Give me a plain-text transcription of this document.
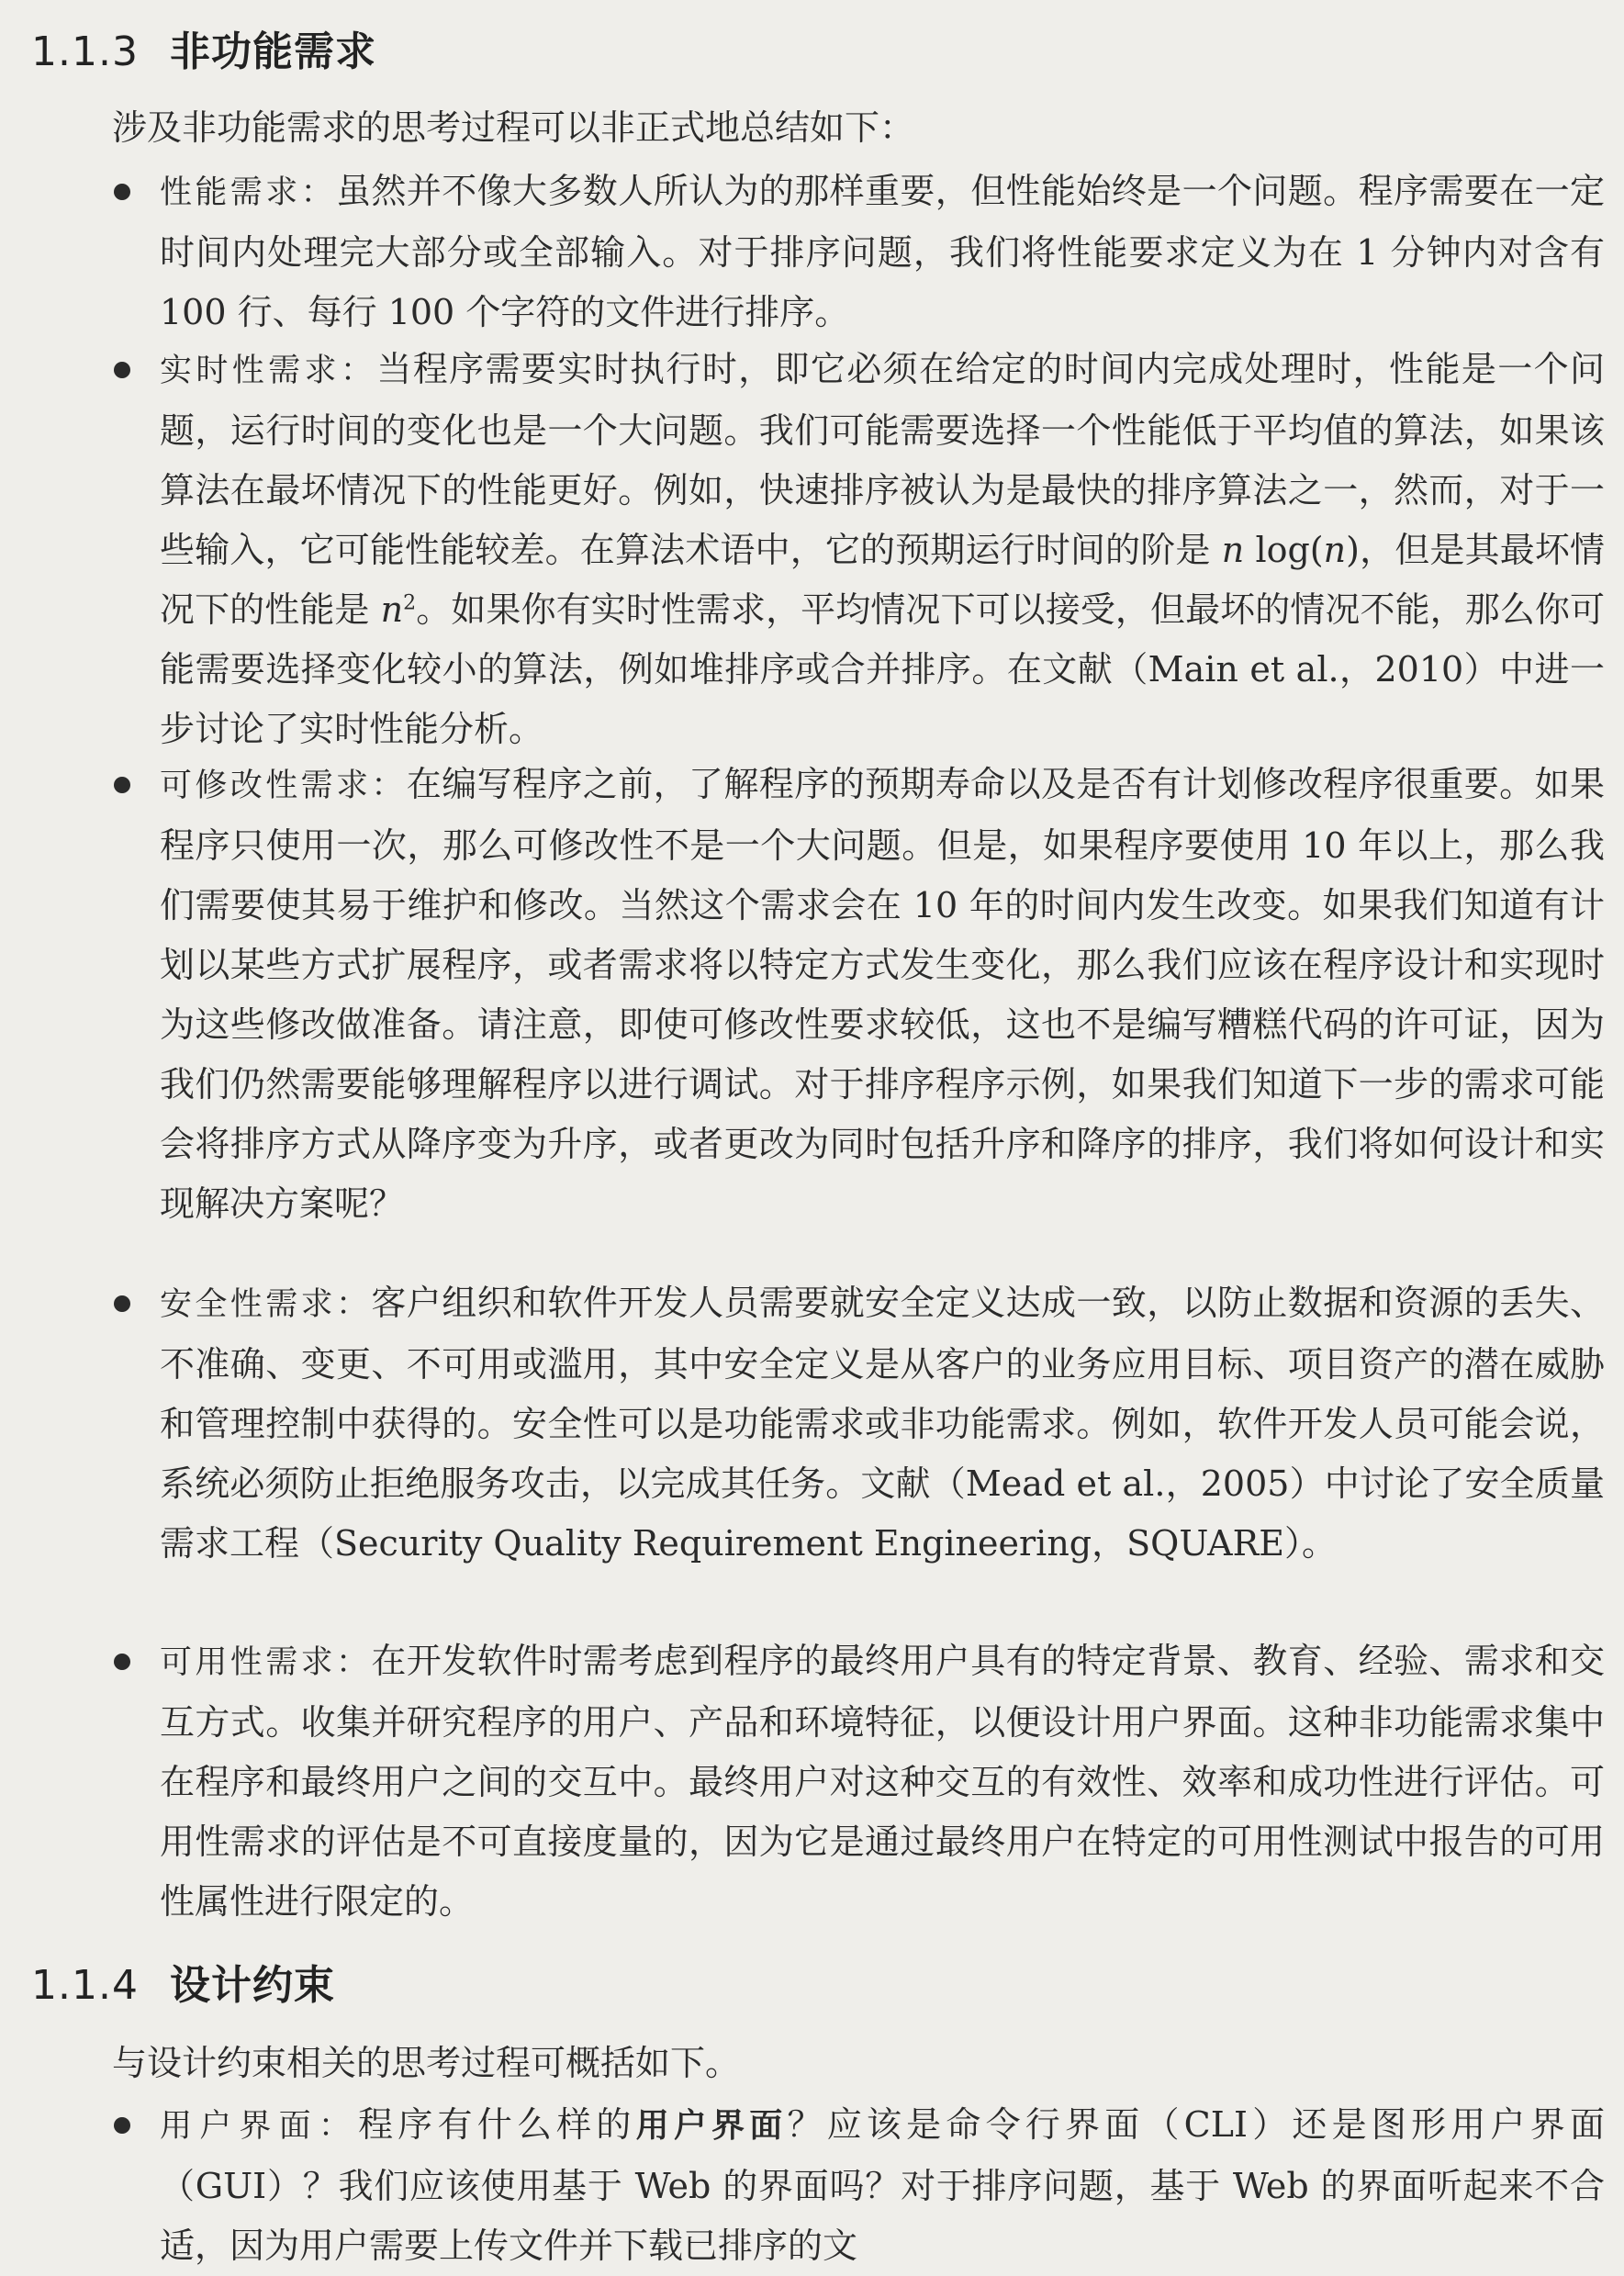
1.1.3 非功能需求
涉及非功能需求的思考过程可以非正式地总结如下：
性能需求：虽然并不像大多数人所认为的那样重要，但性能始终是一个问题。程序需要在一定时间内处理完大部分或全部输入。对于排序问题，我们将性能要求定义为在 1 分钟内对含有 100 行、每行 100 个字符的文件进行排序。
实时性需求：当程序需要实时执行时，即它必须在给定的时间内完成处理时，性能是一个问题，运行时间的变化也是一个大问题。我们可能需要选择一个性能低于平均值的算法，如果该算法在最坏情况下的性能更好。例如，快速排序被认为是最快的排序算法之一，然而，对于一些输入，它可能性能较差。在算法术语中，它的预期运行时间的阶是 n log(n)，但是其最坏情况下的性能是 $n^2$。如果你有实时性需求，平均情况下可以接受，但最坏的情况不能，那么你可能需要选择变化较小的算法，例如堆排序或合并排序。在文献（Main et al.，2010）中进一步讨论了实时性能分析。
可修改性需求：在编写程序之前，了解程序的预期寿命以及是否有计划修改程序很重要。如果程序只使用一次，那么可修改性不是一个大问题。但是，如果程序要使用 10 年以上，那么我们需要使其易于维护和修改。当然这个需求会在 10 年的时间内发生改变。如果我们知道有计划以某些方式扩展程序，或者需求将以特定方式发生变化，那么我们应该在程序设计和实现时为这些修改做准备。请注意，即使可修改性要求较低，这也不是编写糟糕代码的许可证，因为我们仍然需要能够理解程序以进行调试。对于排序程序示例，如果我们知道下一步的需求可能会将排序方式从降序变为升序，或者更改为同时包括升序和降序的排序，我们将如何设计和实现解决方案呢？
安全性需求：客户组织和软件开发人员需要就安全定义达成一致，以防止数据和资源的丢失、不准确、变更、不可用或滥用，其中安全定义是从客户的业务应用目标、项目资产的潜在威胁和管理控制中获得的。安全性可以是功能需求或非功能需求。例如，软件开发人员可能会说，系统必须防止拒绝服务攻击，以完成其任务。文献（Mead et al.，2005）中讨论了安全质量需求工程（Security Quality Requirement Engineering，SQUARE）。
可用性需求：在开发软件时需考虑到程序的最终用户具有的特定背景、教育、经验、需求和交互方式。收集并研究程序的用户、产品和环境特征，以便设计用户界面。这种非功能需求集中在程序和最终用户之间的交互中。最终用户对这种交互的有效性、效率和成功性进行评估。可用性需求的评估是不可直接度量的，因为它是通过最终用户在特定的可用性测试中报告的可用性属性进行限定的。
1.1.4 设计约束
与设计约束相关的思考过程可概括如下。
用户界面：程序有什么样的用户界面？应该是命令行界面（CLI）还是图形用户界面（GUI）？我们应该使用基于 Web 的界面吗？对于排序问题，基于 Web 的界面听起来不合适，因为用户需要上传文件并下载已排序的文
